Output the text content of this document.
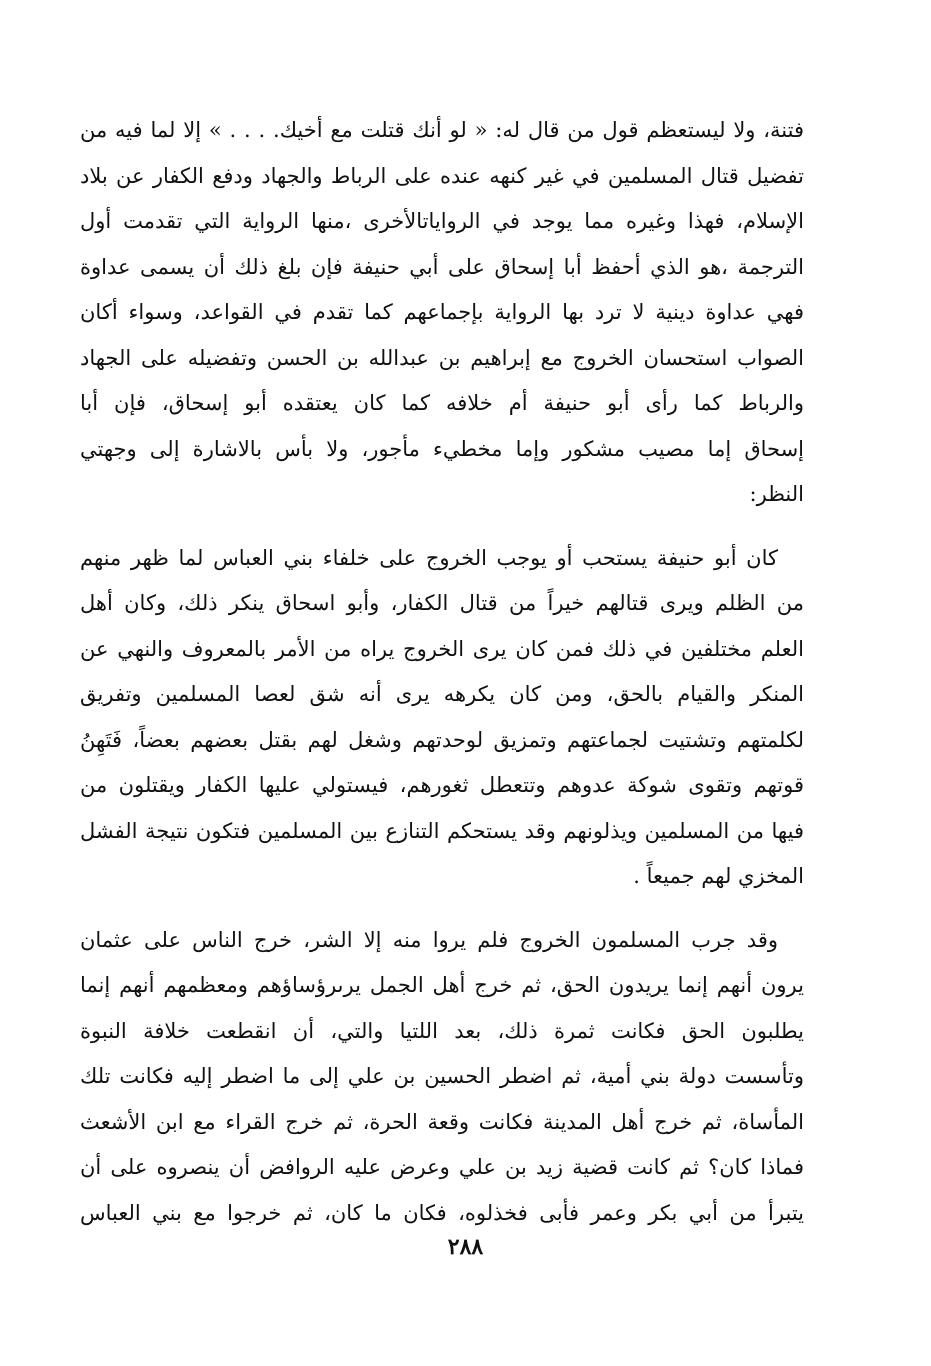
فتنة، ولا ليستعظم قول من قال له: « لو أنك قتلت مع أخيك. . . . » إلا لما فيه من
تفضيل قتال المسلمين في غير كنهه عنده على الرباط والجهاد ودفع الكفار عن بلاد
الإسلام، فهذا وغيره مما يوجد في الرواياتالأخرى ،منها الرواية التي تقدمت أول
الترجمة ،هو الذي أحفظ أبا إسحاق على أبي حنيفة فإن بلغ ذلك أن يسمى عداوة
فهي عداوة دينية لا ترد بها الرواية بإجماعهم كما تقدم في القواعد، وسواء أكان
الصواب استحسان الخروج مع إبراهيم بن عبدالله بن الحسن وتفضيله على الجهاد
والرباط كما رأى أبو حنيفة أم خلافه كما كان يعتقده أبو إسحاق، فإن أبا
إسحاق إما مصيب مشكور وإما مخطيء مأجور، ولا بأس بالاشارة إلى وجهتي
النظر:
كان أبو حنيفة يستحب أو يوجب الخروج على خلفاء بني العباس لما ظهر منهم
من الظلم ويرى قتالهم خيراً من قتال الكفار، وأبو اسحاق ينكر ذلك، وكان أهل
العلم مختلفين في ذلك فمن كان يرى الخروج يراه من الأمر بالمعروف والنهي عن
المنكر والقيام بالحق، ومن كان يكرهه يرى أنه شق لعصا المسلمين وتفريق
لكلمتهم وتشتيت لجماعتهم وتمزيق لوحدتهم وشغل لهم بقتل بعضهم بعضاً، فَتَهِنُ
قوتهم وتقوى شوكة عدوهم وتتعطل ثغورهم، فيستولي عليها الكفار ويقتلون من
فيها من المسلمين ويذلونهم وقد يستحكم التنازع بين المسلمين فتكون نتيجة الفشل
المخزي لهم جميعاً .
وقد جرب المسلمون الخروج فلم يروا منه إلا الشر، خرج الناس على عثمان
يرون أنهم إنما يريدون الحق، ثم خرج أهل الجمل يرىرؤساؤهم ومعظمهم أنهم إنما
يطلبون الحق فكانت ثمرة ذلك، بعد اللتيا والتي، أن انقطعت خلافة النبوة
وتأسست دولة بني أمية، ثم اضطر الحسين بن علي إلى ما اضطر إليه فكانت تلك
المأساة، ثم خرج أهل المدينة فكانت وقعة الحرة، ثم خرج القراء مع ابن الأشعث
فماذا كان؟ ثم كانت قضية زيد بن علي وعرض عليه الروافض أن ينصروه على أن
يتبرأ من أبي بكر وعمر فأبى فخذلوه، فكان ما كان، ثم خرجوا مع بني العباس
٢٨٨
